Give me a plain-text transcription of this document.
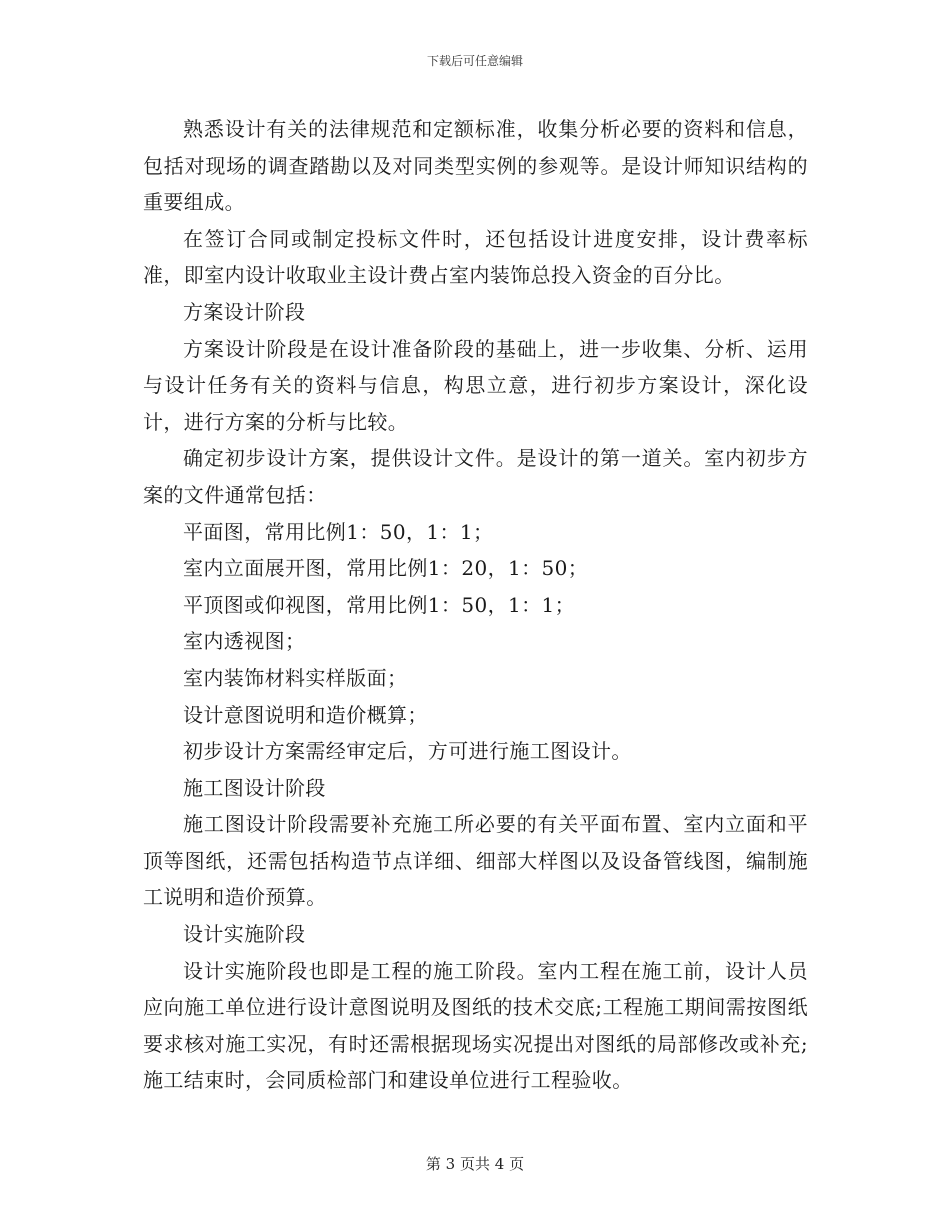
下载后可任意编辑

熟悉设计有关的法律规范和定额标准，收集分析必要的资料和信息，包括对现场的调查踏勘以及对同类型实例的参观等。是设计师知识结构的重要组成。

在签订合同或制定投标文件时，还包括设计进度安排，设计费率标准，即室内设计收取业主设计费占室内装饰总投入资金的百分比。

方案设计阶段

方案设计阶段是在设计准备阶段的基础上，进一步收集、分析、运用与设计任务有关的资料与信息，构思立意，进行初步方案设计，深化设计，进行方案的分析与比较。

确定初步设计方案，提供设计文件。是设计的第一道关。室内初步方案的文件通常包括：

平面图，常用比例1：50，1：1；

室内立面展开图，常用比例1：20，1：50；

平顶图或仰视图，常用比例1：50，1：1；

室内透视图；

室内装饰材料实样版面；

设计意图说明和造价概算；

初步设计方案需经审定后，方可进行施工图设计。

施工图设计阶段

施工图设计阶段需要补充施工所必要的有关平面布置、室内立面和平顶等图纸，还需包括构造节点详细、细部大样图以及设备管线图，编制施工说明和造价预算。

设计实施阶段

设计实施阶段也即是工程的施工阶段。室内工程在施工前，设计人员应向施工单位进行设计意图说明及图纸的技术交底;工程施工期间需按图纸要求核对施工实况，有时还需根据现场实况提出对图纸的局部修改或补充;施工结束时，会同质检部门和建设单位进行工程验收。

第 3 页共 4 页
